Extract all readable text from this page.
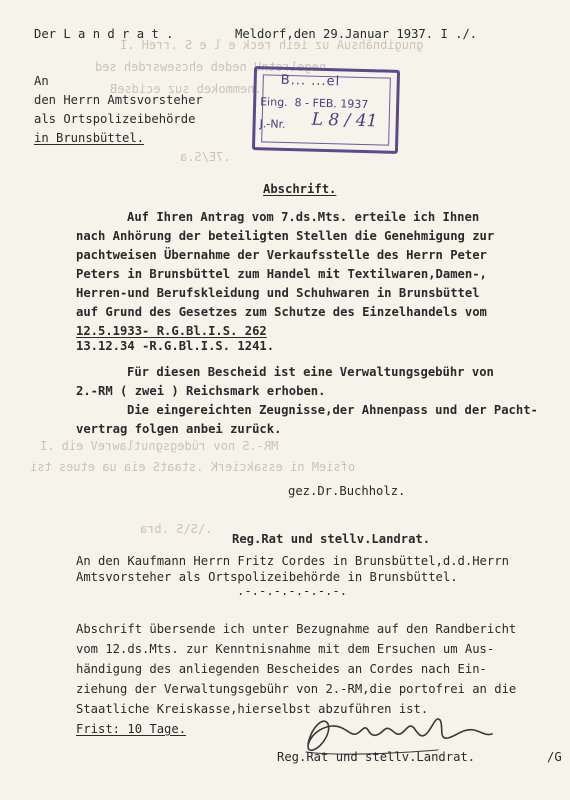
gnugibnähsuA uz ieih reck e l e S .rreH .I
negelretnU nedeb ehcsewsrdeh sed
.nemmokeb suz ecidseB
.7E/S.a
MR-.S nov rüdegsgnutlawreV eib .I
ofsieM ni essakcierK .staatS eia ua etues tsi
.\S\S .bra
Der L a n d r a t .	Meldorf,den 29.Januar 1937. I ./.
An
den Herrn Amtsvorsteher
als Ortspolizeibehörde
in Brunsbüttel.
B... ...el
Eing.  8 - FEB. 1937
J.-Nr. L 8 / 41
Abschrift.
Auf Ihren Antrag vom 7.ds.Mts. erteile ich Ihnen
nach Anhörung der beteiligten Stellen die Genehmigung zur
pachtweisen Übernahme der Verkaufsstelle des Herrn Peter
Peters in Brunsbüttel zum Handel mit Textilwaren,Damen-,
Herren-und Berufskleidung und Schuhwaren in Brunsbüttel
auf Grund des Gesetzes zum Schutze des Einzelhandels vom
12.5.1933- R.G.Bl.I.S. 262
13.12.34 -R.G.Bl.I.S. 1241.
Für diesen Bescheid ist eine Verwaltungsgebühr von
2.-RM ( zwei ) Reichsmark erhoben.
Die eingereichten Zeugnisse,der Ahnenpass und der Pacht-
vertrag folgen anbei zurück.
gez.Dr.Buchholz.
Reg.Rat und stellv.Landrat.
An den Kaufmann Herrn Fritz Cordes in Brunsbüttel,d.d.Herrn
Amtsvorsteher als Ortspolizeibehörde in Brunsbüttel.
.-.-.-.-.-.-.-.
Abschrift übersende ich unter Bezugnahme auf den Randbericht
vom 12.ds.Mts. zur Kenntnisnahme mit dem Ersuchen um Aus-
händigung des anliegenden Bescheides an Cordes nach Ein-
ziehung der Verwaltungsgebühr von 2.-RM,die portofrei an die
Staatliche Kreiskasse,hierselbst abzuführen ist.
Frist: 10 Tage.
Reg.Rat und stellv.Landrat.	/G
